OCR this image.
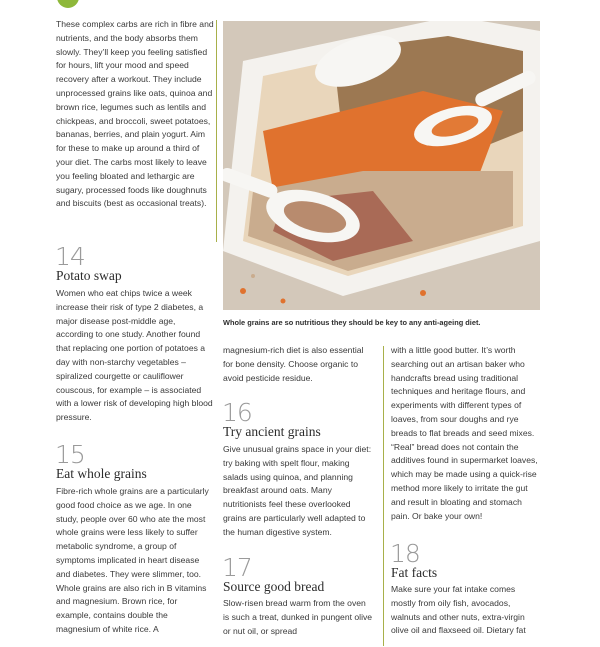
These complex carbs are rich in fibre and nutrients, and the body absorbs them slowly. They’ll keep you feeling satisfied for hours, lift your mood and speed recovery after a workout. They include unprocessed grains like oats, quinoa and brown rice, legumes such as lentils and chickpeas, and broccoli, sweet potatoes, bananas, berries, and plain yogurt. Aim for these to make up around a third of your diet. The carbs most likely to leave you feeling bloated and lethargic are sugary, processed foods like doughnuts and biscuits (best as occasional treats).

14
Potato swap

Women who eat chips twice a week increase their risk of type 2 diabetes, a major disease post-middle age, according to one study. Another found that replacing one portion of potatoes a day with non-starchy vegetables – spiralized courgette or cauliflower couscous, for example – is associated with a lower risk of developing high blood pressure.

15
Eat whole grains

Fibre-rich whole grains are a particularly good food choice as we age. In one study, people over 60 who ate the most whole grains were less likely to suffer metabolic syndrome, a group of symptoms implicated in heart disease and diabetes. They were slimmer, too. Whole grains are also rich in B vitamins and magnesium. Brown rice, for example, contains double the magnesium of white rice. A

Whole grains are so nutritious they should be key to any anti-ageing diet.

magnesium-rich diet is also essential for bone density. Choose organic to avoid pesticide residue.

16
Try ancient grains

Give unusual grains space in your diet: try baking with spelt flour, making salads using quinoa, and planning breakfast around oats. Many nutritionists feel these overlooked grains are particularly well adapted to the human digestive system.

17
Source good bread

Slow-risen bread warm from the oven is such a treat, dunked in pungent olive or nut oil, or spread

with a little good butter. It’s worth searching out an artisan baker who handcrafts bread using traditional techniques and heritage flours, and experiments with different types of loaves, from sour doughs and rye breads to flat breads and seed mixes. “Real” bread does not contain the additives found in supermarket loaves, which may be made using a quick-rise method more likely to irritate the gut and result in bloating and stomach pain. Or bake your own!

18
Fat facts

Make sure your fat intake comes mostly from oily fish, avocados, walnuts and other nuts, extra-virgin olive oil and flaxseed oil. Dietary fat
